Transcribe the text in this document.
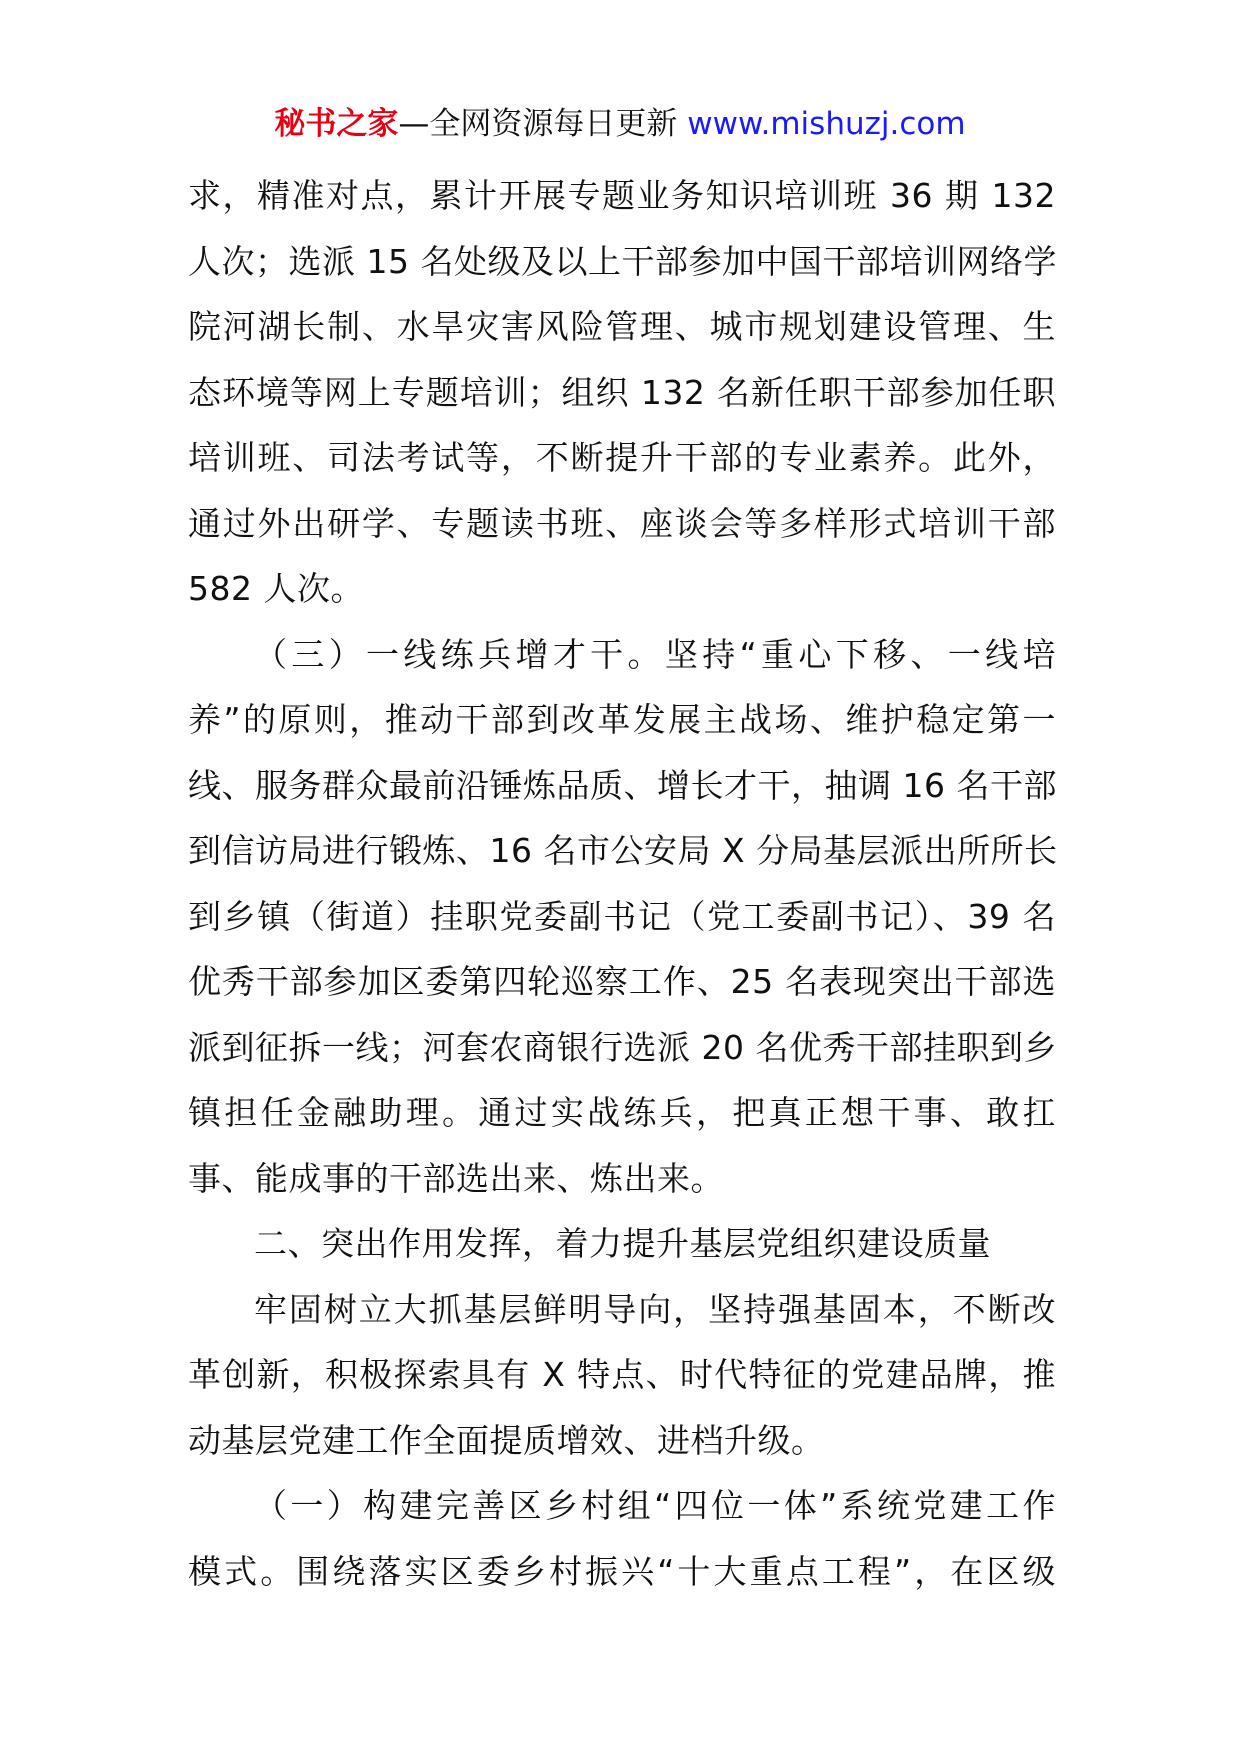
秘书之家—全网资源每日更新 www.mishuzj.com
求，精准对点，累计开展专题业务知识培训班 36 期 132
人次；选派 15 名处级及以上干部参加中国干部培训网络学
院河湖长制、水旱灾害风险管理、城市规划建设管理、生
态环境等网上专题培训；组织 132 名新任职干部参加任职
培训班、司法考试等，不断提升干部的专业素养。此外，
通过外出研学、专题读书班、座谈会等多样形式培训干部
582 人次。
（三）一线练兵增才干。坚持“重心下移、一线培
养”的原则，推动干部到改革发展主战场、维护稳定第一
线、服务群众最前沿锤炼品质、增长才干，抽调 16 名干部
到信访局进行锻炼、16 名市公安局 X 分局基层派出所所长
到乡镇（街道）挂职党委副书记（党工委副书记）、39 名
优秀干部参加区委第四轮巡察工作、25 名表现突出干部选
派到征拆一线；河套农商银行选派 20 名优秀干部挂职到乡
镇担任金融助理。通过实战练兵，把真正想干事、敢扛
事、能成事的干部选出来、炼出来。
二、突出作用发挥，着力提升基层党组织建设质量
牢固树立大抓基层鲜明导向，坚持强基固本，不断改
革创新，积极探索具有 X 特点、时代特征的党建品牌，推
动基层党建工作全面提质增效、进档升级。
（一）构建完善区乡村组“四位一体”系统党建工作
模式。围绕落实区委乡村振兴“十大重点工程”，在区级
